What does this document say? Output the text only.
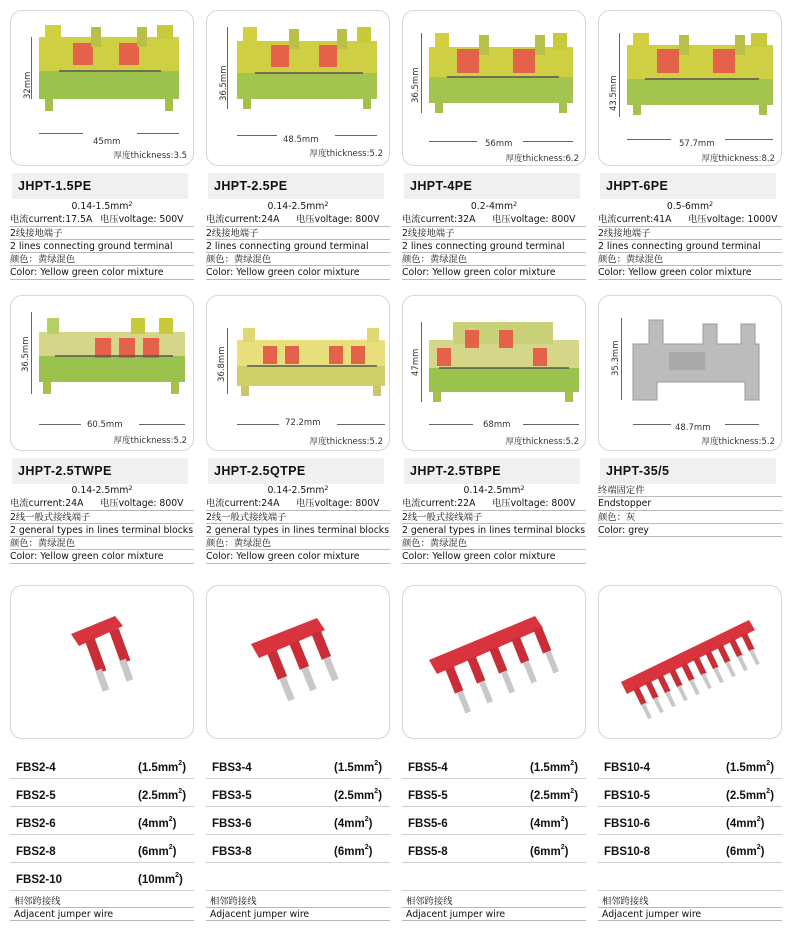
32mm
45mm
厚度thickness:3.5
36.5mm
48.5mm
厚度thickness:5.2
36.5mm
56mm
厚度thickness:6.2
43.5mm
57.7mm
厚度thickness:8.2
JHPT-1.5PE	JHPT-2.5PE	JHPT-4PE	JHPT-6PE
$0.14-1.5mm^2$
电流current:17.5A 电压voltage: 500V
2线接地端子
2 lines connecting ground terminal
颜色：黄绿混色
Color: Yellow green color mixture
$0.14-2.5mm^2$
电流current:24A 电压voltage: 800V
2线接地端子
2 lines connecting ground terminal
颜色：黄绿混色
Color: Yellow green color mixture
$0.2-4mm^2$
电流current:32A 电压voltage: 800V
2线接地端子
2 lines connecting ground terminal
颜色：黄绿混色
Color: Yellow green color mixture
$0.5-6mm^2$
电流current:41A 电压voltage: 1000V
2线接地端子
2 lines connecting ground terminal
颜色：黄绿混色
Color: Yellow green color mixture
36.5mm
60.5mm
厚度thickness:5.2
36.8mm
72.2mm
厚度thickness:5.2
47mm
68mm
厚度thickness:5.2
35.3mm
48.7mm
厚度thickness:5.2
JHPT-2.5TWPE	JHPT-2.5QTPE	JHPT-2.5TBPE	JHPT-35/5
$0.14-2.5mm^2$
电流current:24A 电压voltage: 800V
2线一般式接线端子
2 general types in lines terminal blocks
颜色：黄绿混色
Color: Yellow green color mixture
$0.14-2.5mm^2$
电流current:24A 电压voltage: 800V
2线一般式接线端子
2 general types in lines terminal blocks
颜色：黄绿混色
Color: Yellow green color mixture
$0.14-2.5mm^2$
电流current:22A 电压voltage: 800V
2线一般式接线端子
2 general types in lines terminal blocks
颜色：黄绿混色
Color: Yellow green color mixture
终端固定件
Endstopper
颜色：灰
Color: grey
FBS2-4	$(1.5mm^2)$
FBS2-5	$(2.5mm^2)$
FBS2-6	$(4mm^2)$
FBS2-8	$(6mm^2)$
FBS2-10	$(10mm^2)$
FBS3-4	$(1.5mm^2)$
FBS3-5	$(2.5mm^2)$
FBS3-6	$(4mm^2)$
FBS3-8	$(6mm^2)$
FBS5-4	$(1.5mm^2)$
FBS5-5	$(2.5mm^2)$
FBS5-6	$(4mm^2)$
FBS5-8	$(6mm^2)$
FBS10-4	$(1.5mm^2)$
FBS10-5	$(2.5mm^2)$
FBS10-6	$(4mm^2)$
FBS10-8	$(6mm^2)$
相邻跨接线
Adjacent jumper wire
相邻跨接线
Adjacent jumper wire
相邻跨接线
Adjacent jumper wire
相邻跨接线
Adjacent jumper wire
